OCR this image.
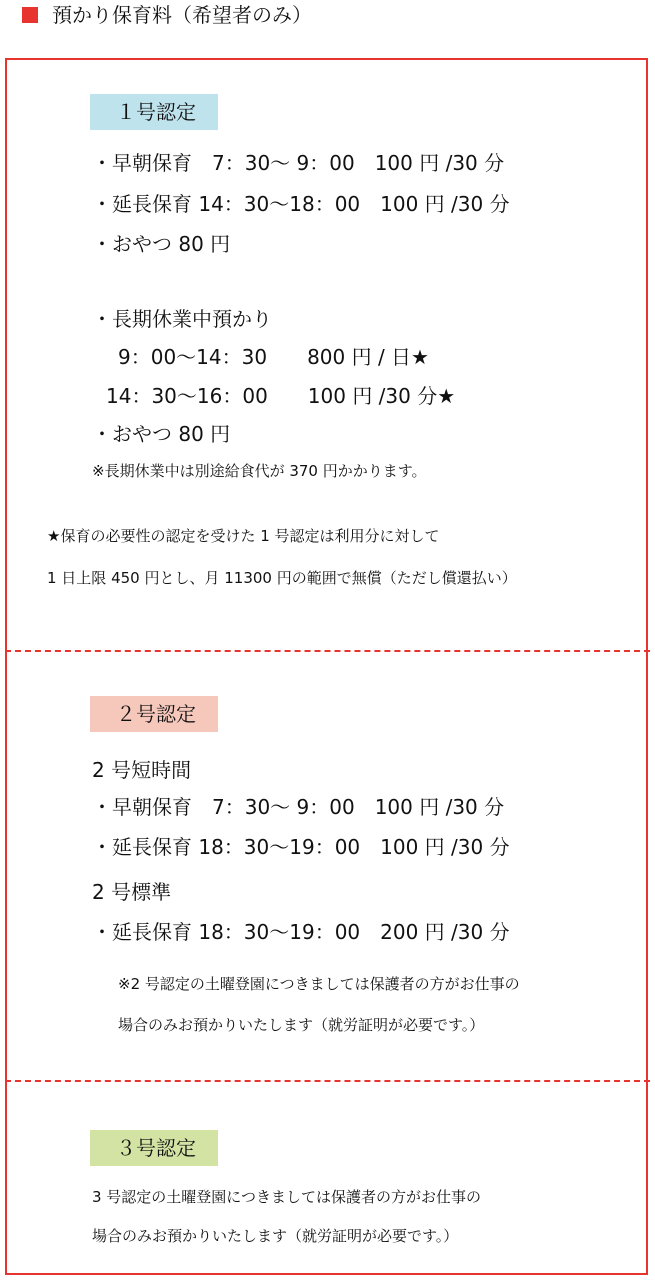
預かり保育料（希望者のみ）
１号認定
・早朝保育　7：30～ 9：00　100 円 /30 分
・延長保育 14：30～18：00　100 円 /30 分
・おやつ 80 円
・長期休業中預かり
9：00～14：30　　800 円 / 日★
14：30～16：00　　100 円 /30 分★
・おやつ 80 円
※長期休業中は別途給食代が 370 円かかります。
★保育の必要性の認定を受けた 1 号認定は利用分に対して
1 日上限 450 円とし、月 11300 円の範囲で無償（ただし償還払い）
２号認定
2 号短時間
・早朝保育　7：30～ 9：00　100 円 /30 分
・延長保育 18：30～19：00　100 円 /30 分
2 号標準
・延長保育 18：30～19：00　200 円 /30 分
※2 号認定の土曜登園につきましては保護者の方がお仕事の
場合のみお預かりいたします（就労証明が必要です。）
３号認定
3 号認定の土曜登園につきましては保護者の方がお仕事の
場合のみお預かりいたします（就労証明が必要です。）
